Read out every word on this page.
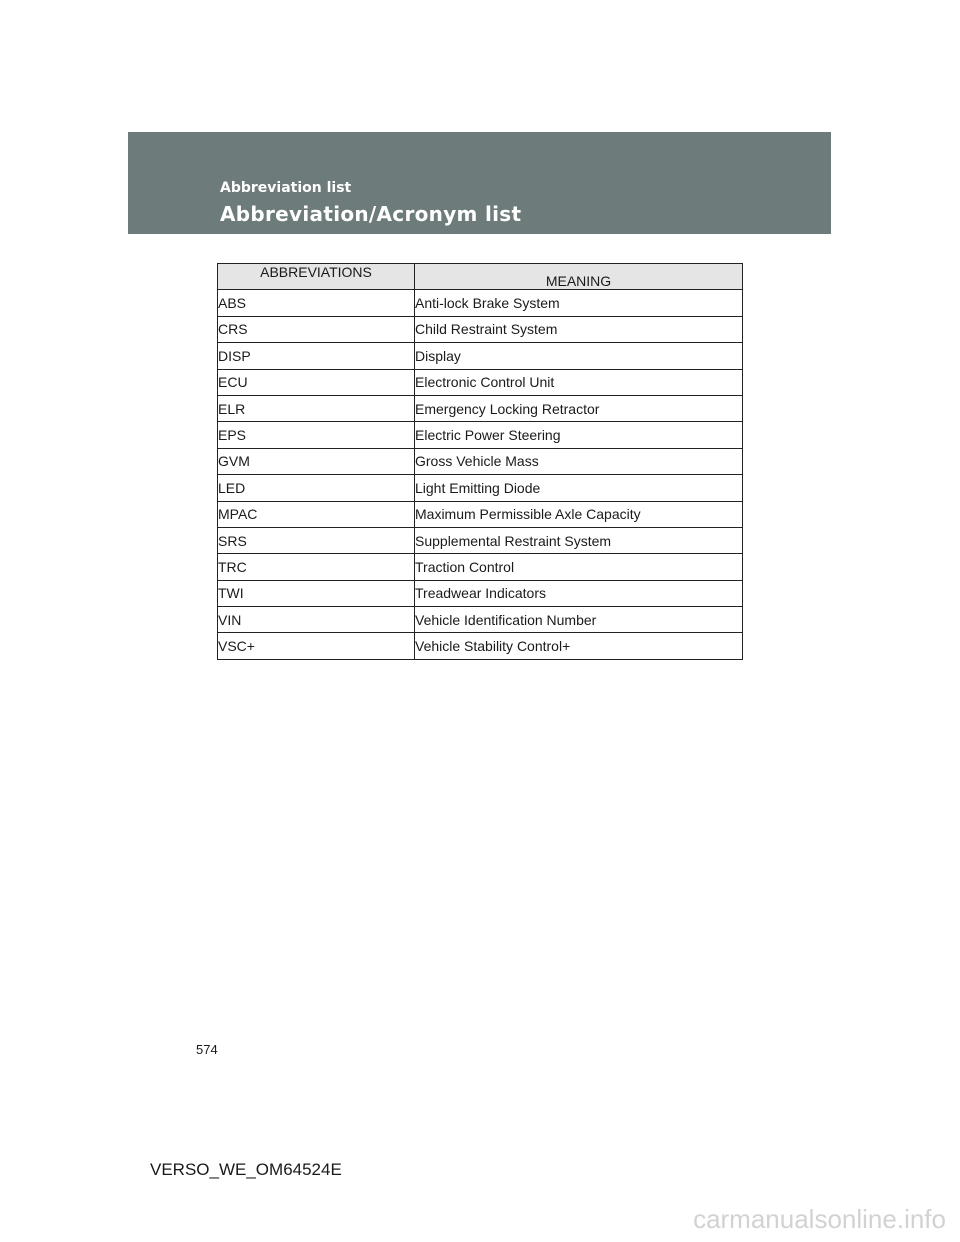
Abbreviation list
Abbreviation/Acronym list
ABBREVIATIONS	MEANING
ABS	Anti-lock Brake System
CRS	Child Restraint System
DISP	Display
ECU	Electronic Control Unit
ELR	Emergency Locking Retractor
EPS	Electric Power Steering
GVM	Gross Vehicle Mass
LED	Light Emitting Diode
MPAC	Maximum Permissible Axle Capacity
SRS	Supplemental Restraint System
TRC	Traction Control
TWI	Treadwear Indicators
VIN	Vehicle Identification Number
VSC+	Vehicle Stability Control+
574
VERSO_WE_OM64524E
carmanualsonline.info
